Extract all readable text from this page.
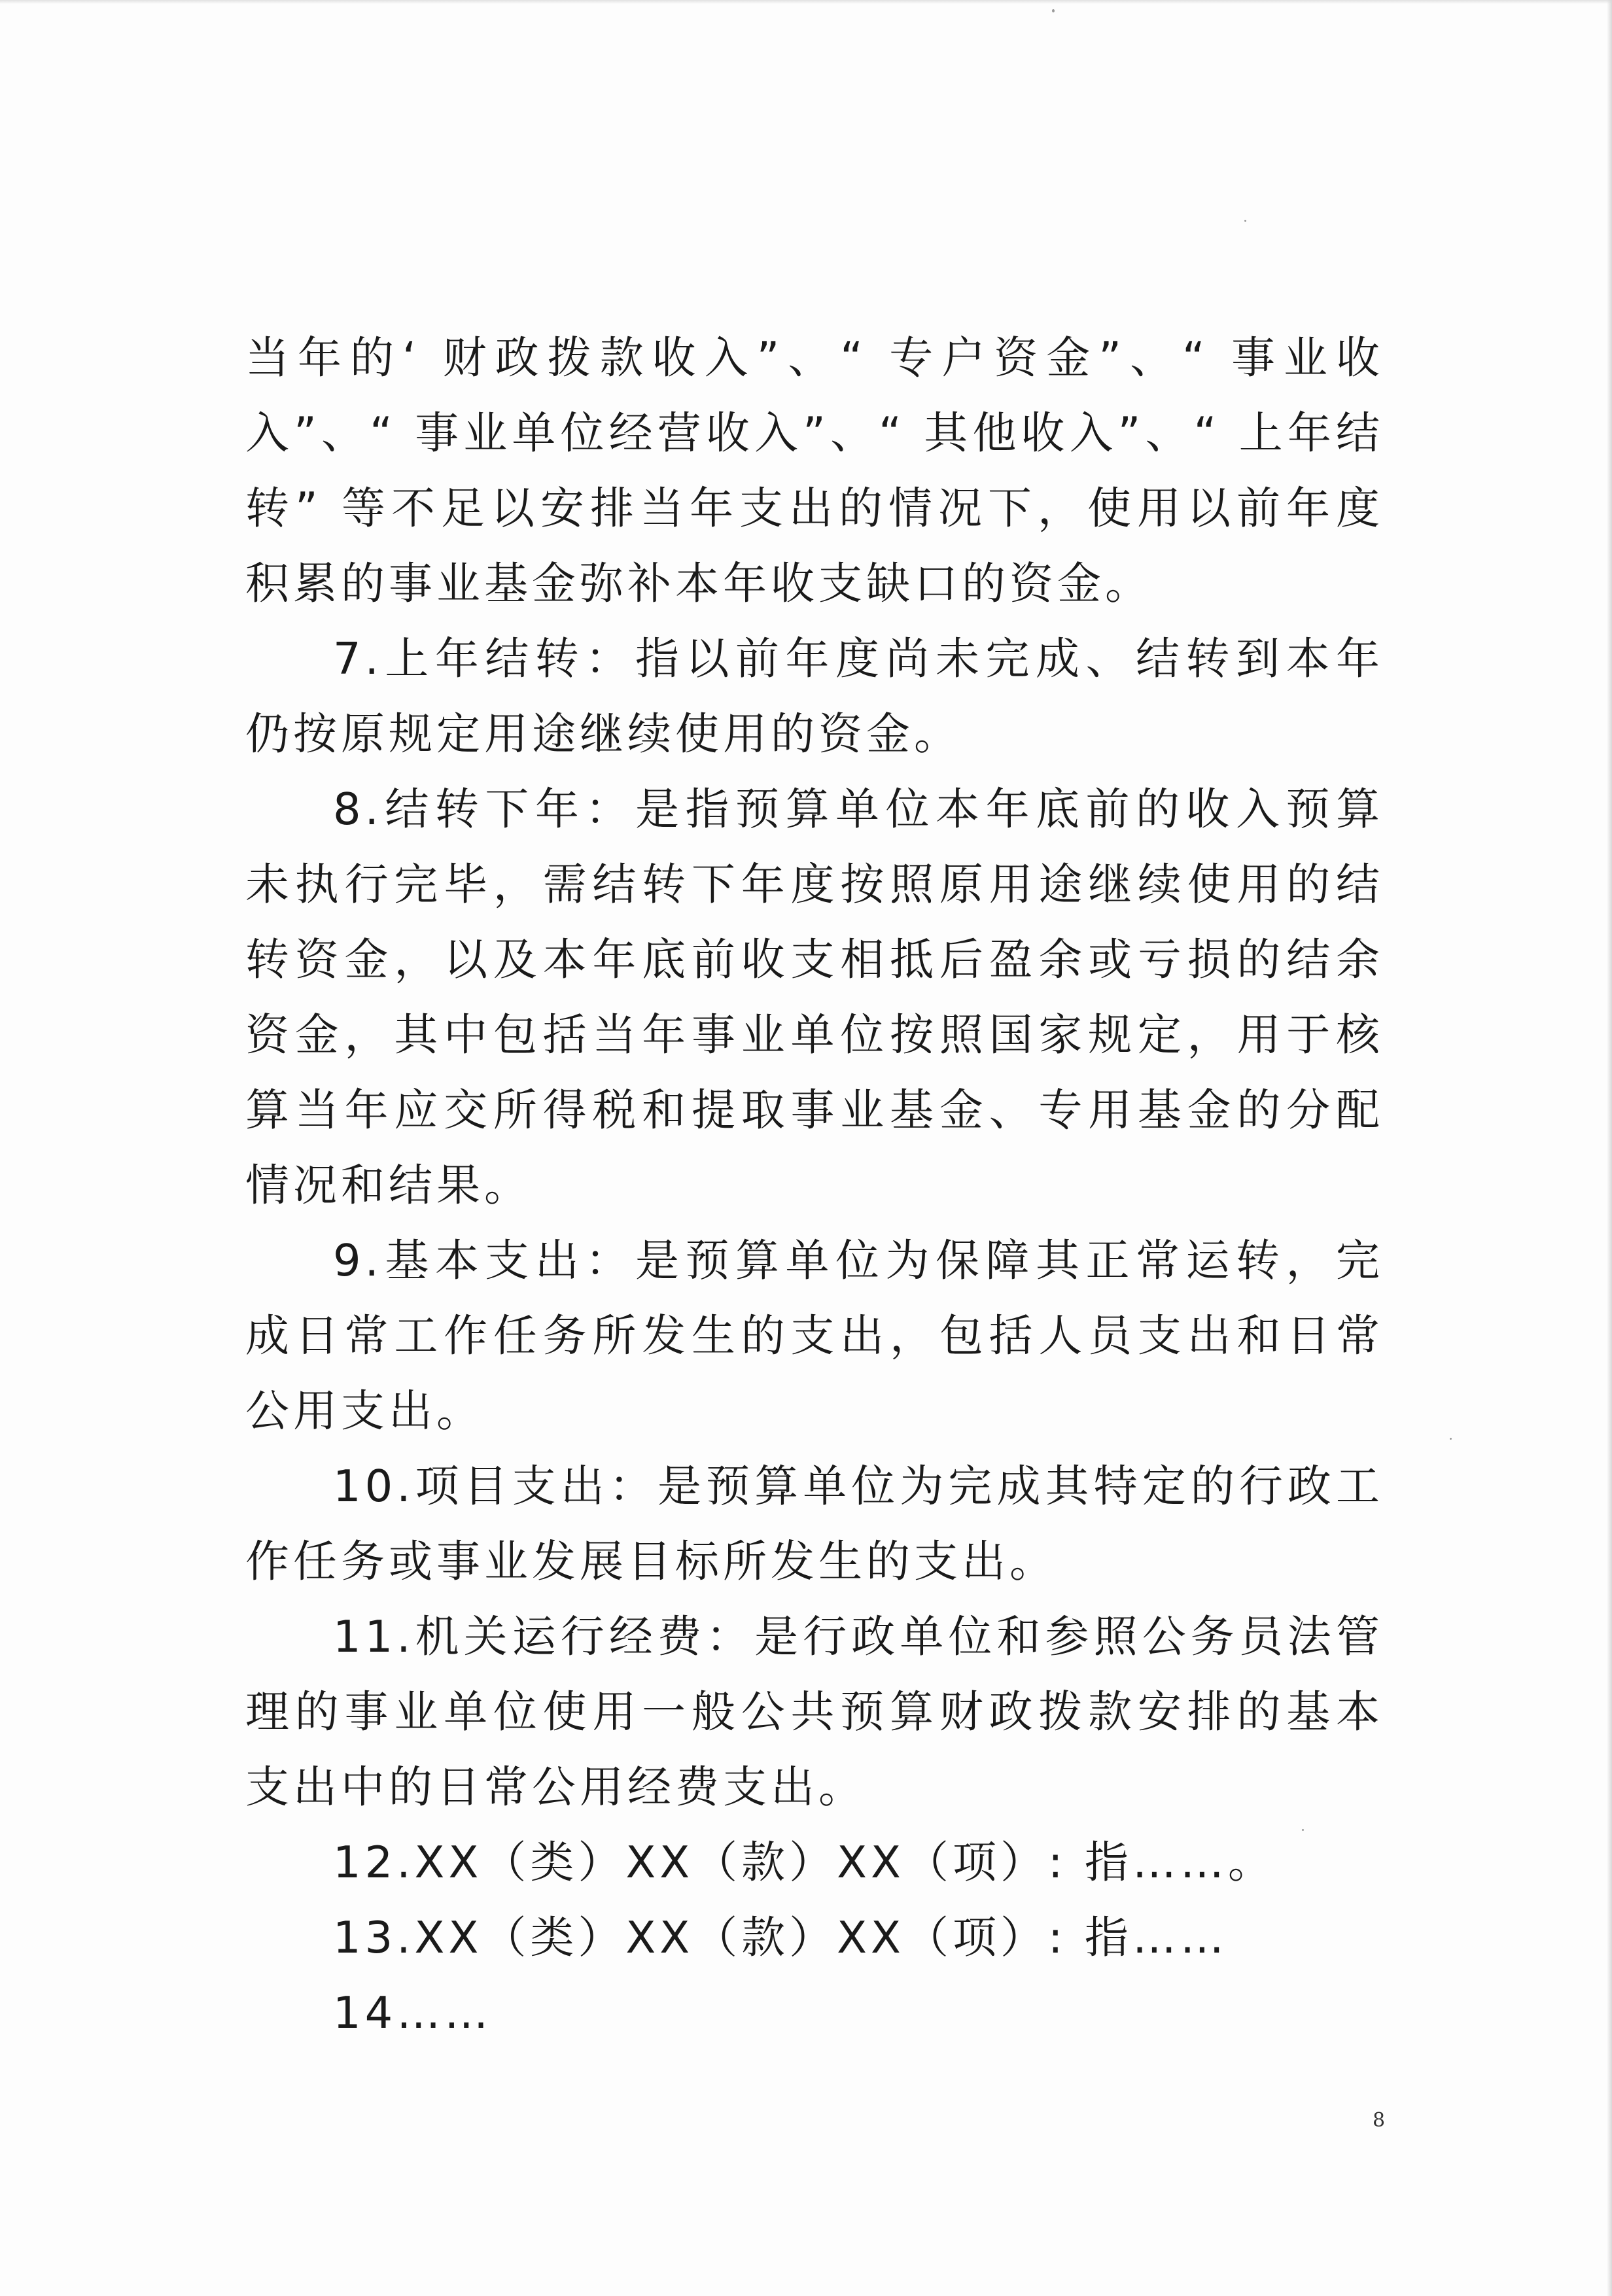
当年的‘ 财政拨款收入”、“ 专户资金”、“ 事业收入”、“ 事业单位经营收入”、“ 其他收入”、“ 上年结转” 等不足以安排当年支出的情况下，使用以前年度积累的事业基金弥补本年收支缺口的资金。

7.上年结转：指以前年度尚未完成、结转到本年仍按原规定用途继续使用的资金。

8.结转下年：是指预算单位本年底前的收入预算未执行完毕，需结转下年度按照原用途继续使用的结转资金，以及本年底前收支相抵后盈余或亏损的结余资金，其中包括当年事业单位按照国家规定，用于核算当年应交所得税和提取事业基金、专用基金的分配情况和结果。

9.基本支出：是预算单位为保障其正常运转，完成日常工作任务所发生的支出，包括人员支出和日常公用支出。

10.项目支出：是预算单位为完成其特定的行政工作任务或事业发展目标所发生的支出。

11.机关运行经费：是行政单位和参照公务员法管理的事业单位使用一般公共预算财政拨款安排的基本支出中的日常公用经费支出。

12.XX（类）XX（款）XX（项）: 指……。

13.XX（类）XX（款）XX（项）: 指……

14……

8
